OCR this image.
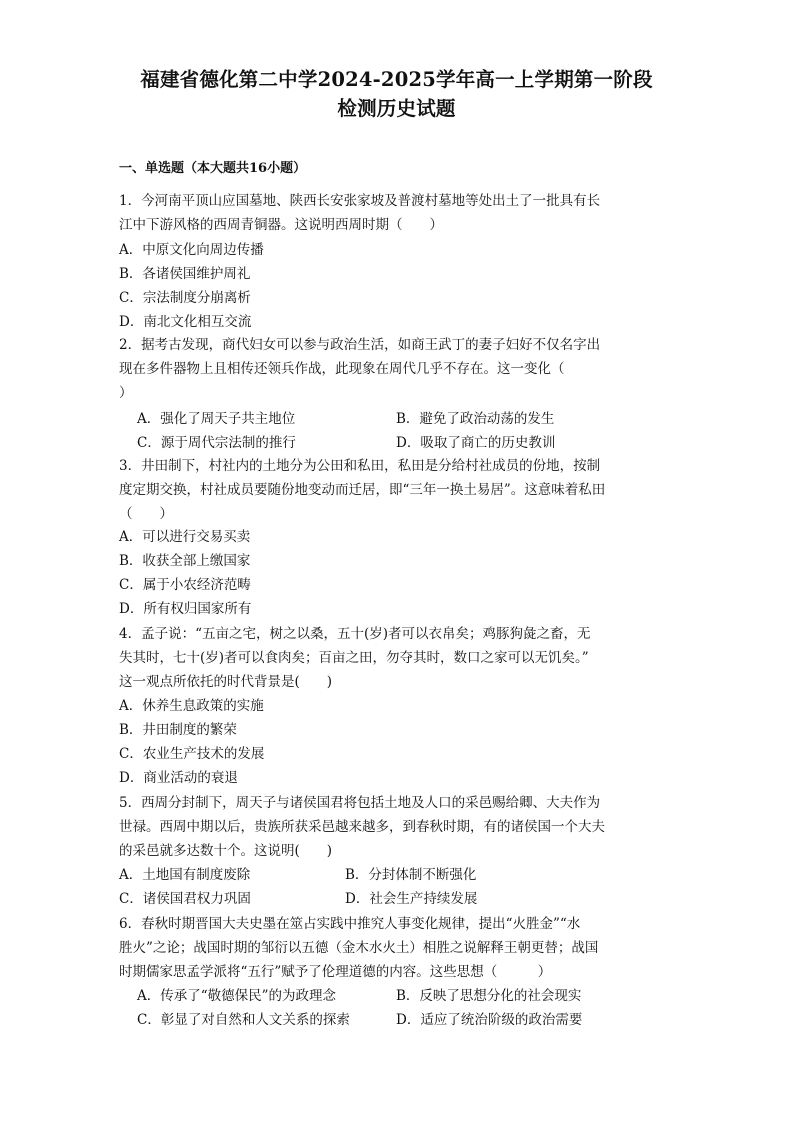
福建省德化第二中学2024-2025学年高一上学期第一阶段
检测历史试题
一、单选题（本大题共16小题）
1．今河南平顶山应国墓地、陕西长安张家坡及普渡村墓地等处出土了一批具有长
江中下游风格的西周青铜器。这说明西周时期（　　）
A．中原文化向周边传播
B．各诸侯国维护周礼
C．宗法制度分崩离析
D．南北文化相互交流
2．据考古发现，商代妇女可以参与政治生活，如商王武丁的妻子妇好不仅名字出
现在多件器物上且相传还领兵作战，此现象在周代几乎不存在。这一变化（
）
A．强化了周天子共主地位	B．避免了政治动荡的发生
C．源于周代宗法制的推行	D．吸取了商亡的历史教训
3．井田制下，村社内的土地分为公田和私田，私田是分给村社成员的份地，按制
度定期交换，村社成员要随份地变动而迁居，即“三年一换土易居”。这意味着私田
（　　）
A．可以进行交易买卖
B．收获全部上缴国家
C．属于小农经济范畴
D．所有权归国家所有
4．孟子说：“五亩之宅，树之以桑，五十(岁)者可以衣帛矣；鸡豚狗彘之畜，无
失其时，七十(岁)者可以食肉矣；百亩之田，勿夺其时，数口之家可以无饥矣。”
这一观点所依托的时代背景是(　　)
A．休养生息政策的实施
B．井田制度的繁荣
C．农业生产技术的发展
D．商业活动的衰退
5．西周分封制下，周天子与诸侯国君将包括土地及人口的采邑赐给卿、大夫作为
世禄。西周中期以后，贵族所获采邑越来越多，到春秋时期，有的诸侯国一个大夫
的采邑就多达数十个。这说明(　　)
A．土地国有制度废除	B．分封体制不断强化
C．诸侯国君权力巩固	D．社会生产持续发展
6．春秋时期晋国大夫史墨在筮占实践中推究人事变化规律，提出“火胜金”“水
胜火”之论；战国时期的邹衍以五德（金木水火土）相胜之说解释王朝更替；战国
时期儒家思孟学派将“五行”赋予了伦理道德的内容。这些思想（　　　）
A．传承了“敬德保民”的为政理念	B．反映了思想分化的社会现实
C．彰显了对自然和人文关系的探索	D．适应了统治阶级的政治需要
